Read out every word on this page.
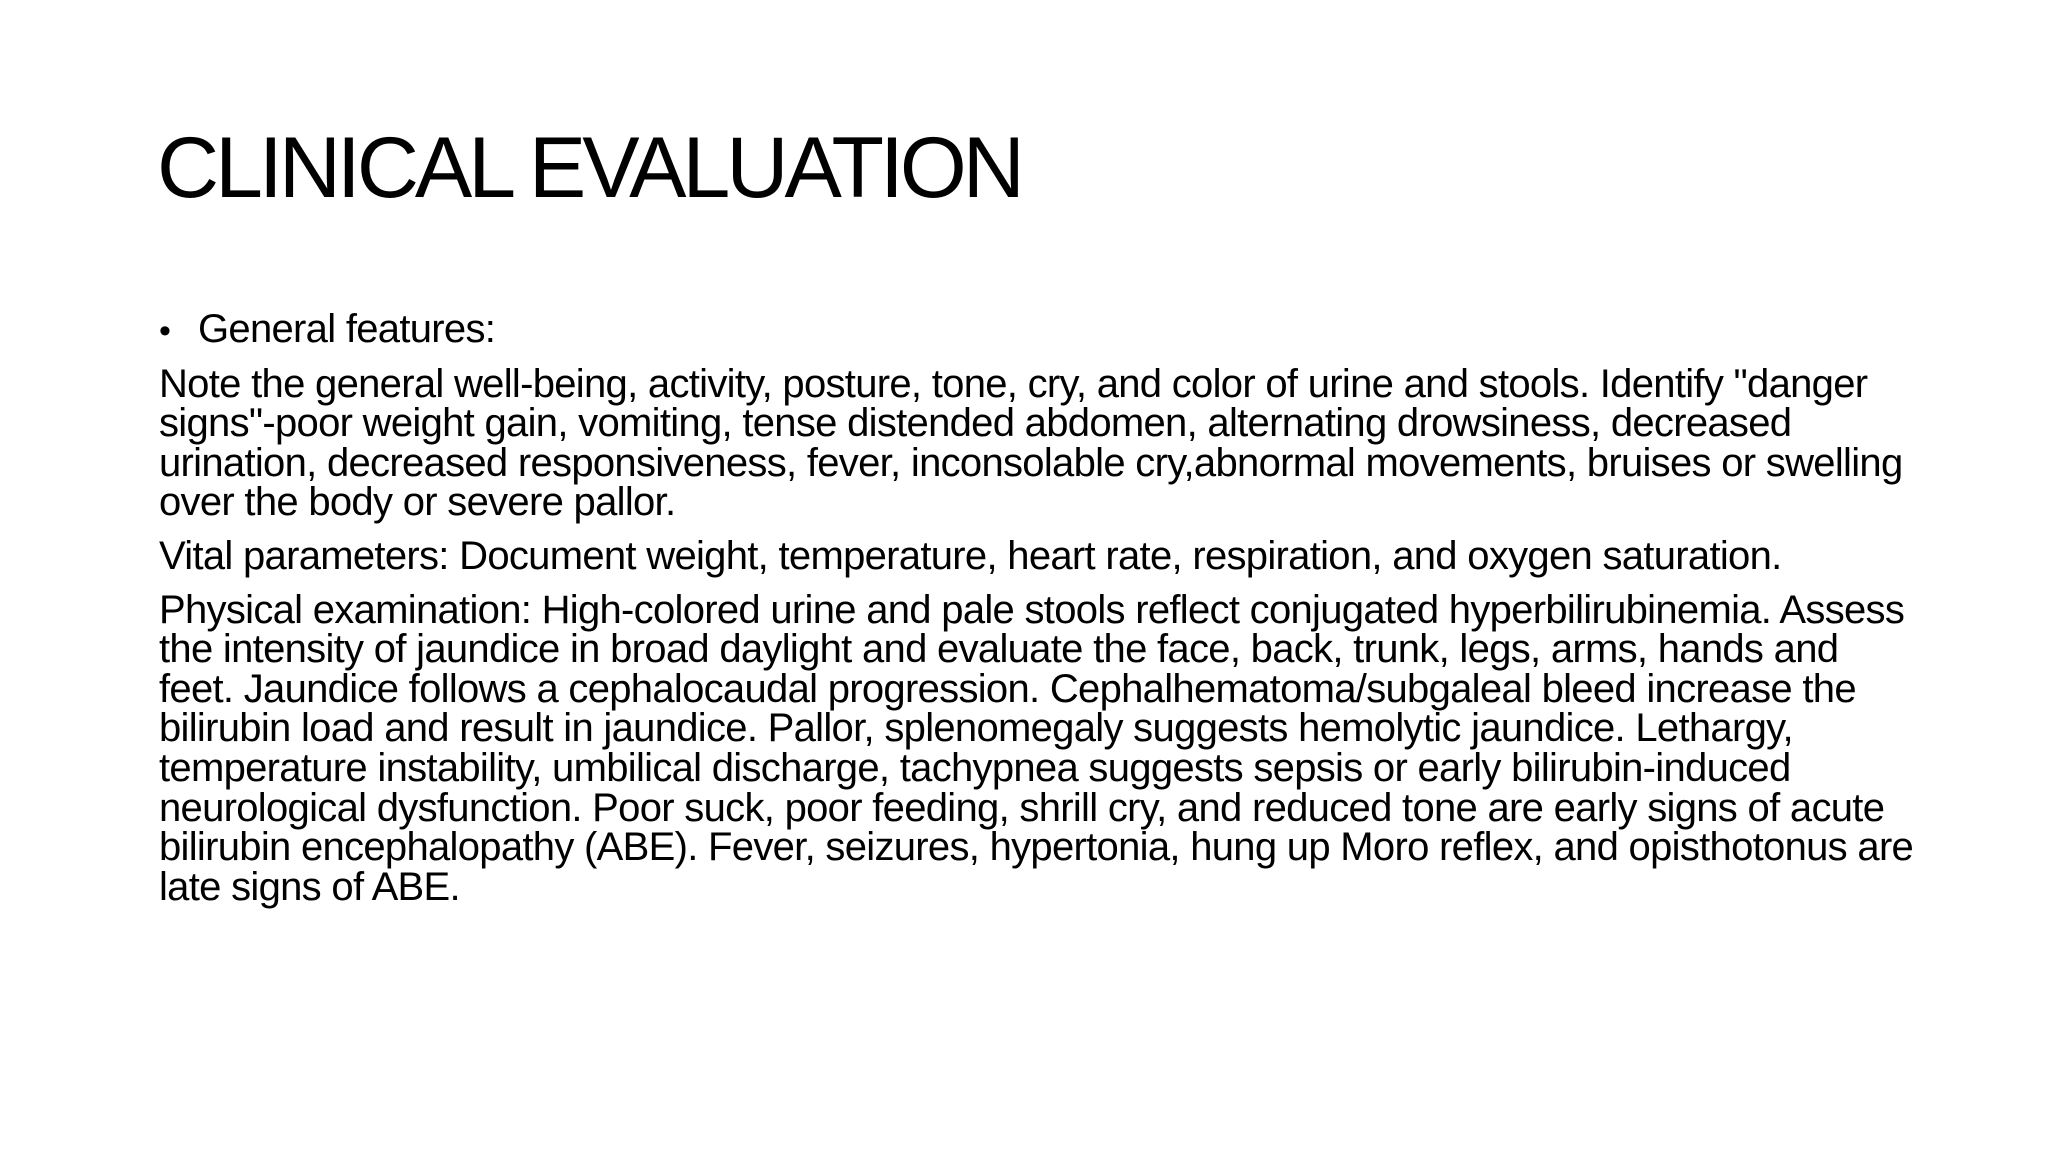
CLINICAL EVALUATION
• General features:

Note the general well-being, activity, posture, tone, cry, and color of urine and stools. Identify "danger signs"-poor weight gain, vomiting, tense distended abdomen, alternating drowsiness, decreased urination, decreased responsiveness, fever, inconsolable cry,abnormal movements, bruises or swelling over the body or severe pallor.

Vital parameters: Document weight, temperature, heart rate, respiration, and oxygen saturation.

Physical examination: High-colored urine and pale stools reflect conjugated hyperbilirubinemia. Assess the intensity of jaundice in broad daylight and evaluate the face, back, trunk, legs, arms, hands and feet. Jaundice follows a cephalocaudal progression. Cephalhematoma/subgaleal bleed increase the bilirubin load and result in jaundice. Pallor, splenomegaly suggests hemolytic jaundice. Lethargy, temperature instability, umbilical discharge, tachypnea suggests sepsis or early bilirubin-induced neurological dysfunction. Poor suck, poor feeding, shrill cry, and reduced tone are early signs of acute bilirubin encephalopathy (ABE). Fever, seizures, hypertonia, hung up Moro reflex, and opisthotonus are late signs of ABE.
